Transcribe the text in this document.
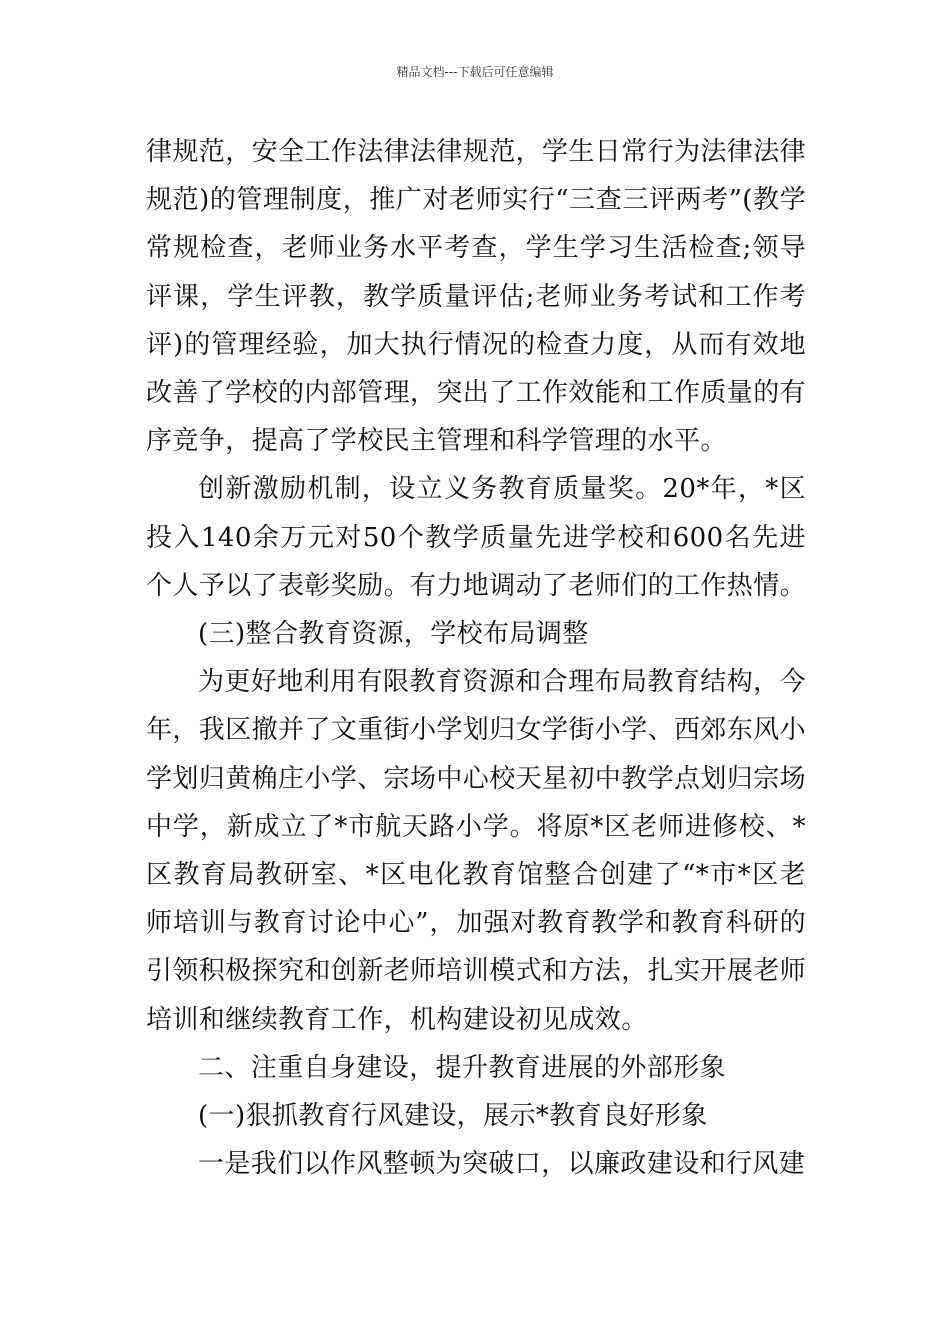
精品文档---下载后可任意编辑

律规范，安全工作法律法律规范，学生日常行为法律法律规范)的管理制度，推广对老师实行“三查三评两考”(教学常规检查，老师业务水平考查，学生学习生活检查;领导评课，学生评教，教学质量评估;老师业务考试和工作考评)的管理经验，加大执行情况的检查力度，从而有效地改善了学校的内部管理，突出了工作效能和工作质量的有序竞争，提高了学校民主管理和科学管理的水平。

创新激励机制，设立义务教育质量奖。20*年，*区投入140余万元对50个教学质量先进学校和600名先进个人予以了表彰奖励。有力地调动了老师们的工作热情。

(三)整合教育资源，学校布局调整

为更好地利用有限教育资源和合理布局教育结构，今年，我区撤并了文重街小学划归女学街小学、西郊东风小学划归黄桷庄小学、宗场中心校天星初中教学点划归宗场中学，新成立了*市航天路小学。将原*区老师进修校、*区教育局教研室、*区电化教育馆整合创建了“*市*区老师培训与教育讨论中心”，加强对教育教学和教育科研的引领积极探究和创新老师培训模式和方法，扎实开展老师培训和继续教育工作，机构建设初见成效。

二、注重自身建设，提升教育进展的外部形象

(一)狠抓教育行风建设，展示*教育良好形象

一是我们以作风整顿为突破口，以廉政建设和行风建
